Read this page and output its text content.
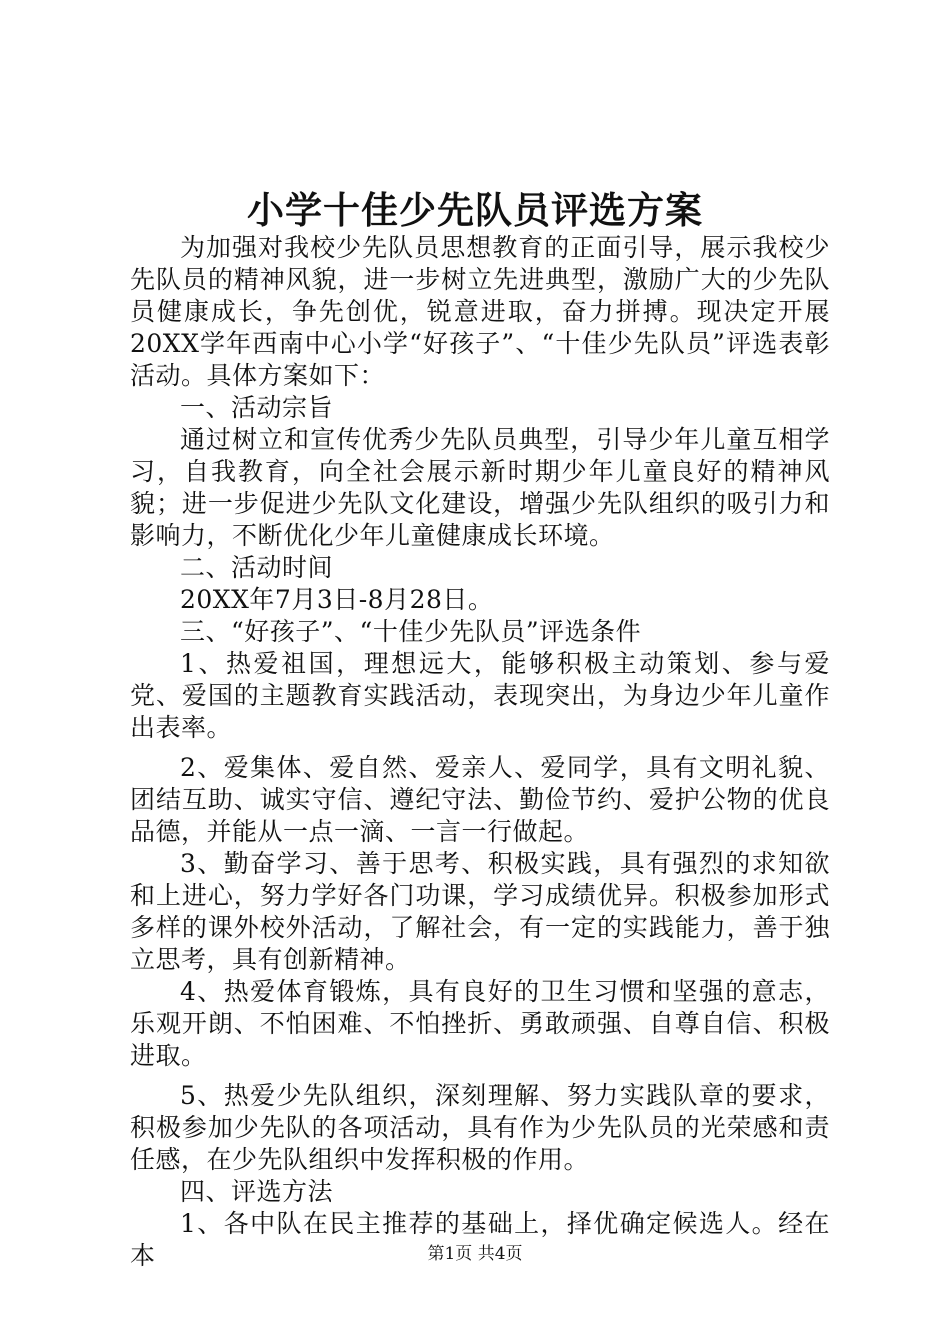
小学十佳少先队员评选方案

为加强对我校少先队员思想教育的正面引导，展示我校少先队员的精神风貌，进一步树立先进典型，激励广大的少先队员健康成长，争先创优，锐意进取，奋力拼搏。现决定开展20XX学年西南中心小学“好孩子”、“十佳少先队员”评选表彰活动。具体方案如下：

一、活动宗旨

通过树立和宣传优秀少先队员典型，引导少年儿童互相学习，自我教育，向全社会展示新时期少年儿童良好的精神风貌；进一步促进少先队文化建设，增强少先队组织的吸引力和影响力，不断优化少年儿童健康成长环境。

二、活动时间

20XX年7月3日-8月28日。

三、“好孩子”、“十佳少先队员”评选条件

1、热爱祖国，理想远大，能够积极主动策划、参与爱党、爱国的主题教育实践活动，表现突出，为身边少年儿童作出表率。

2、爱集体、爱自然、爱亲人、爱同学，具有文明礼貌、团结互助、诚实守信、遵纪守法、勤俭节约、爱护公物的优良品德，并能从一点一滴、一言一行做起。

3、勤奋学习、善于思考、积极实践，具有强烈的求知欲和上进心，努力学好各门功课，学习成绩优异。积极参加形式多样的课外校外活动，了解社会，有一定的实践能力，善于独立思考，具有创新精神。

4、热爱体育锻炼，具有良好的卫生习惯和坚强的意志，乐观开朗、不怕困难、不怕挫折、勇敢顽强、自尊自信、积极进取。

5、热爱少先队组织，深刻理解、努力实践队章的要求，积极参加少先队的各项活动，具有作为少先队员的光荣感和责任感，在少先队组织中发挥积极的作用。

四、评选方法

1、各中队在民主推荐的基础上，择优确定候选人。经在本	第1页 共4页
